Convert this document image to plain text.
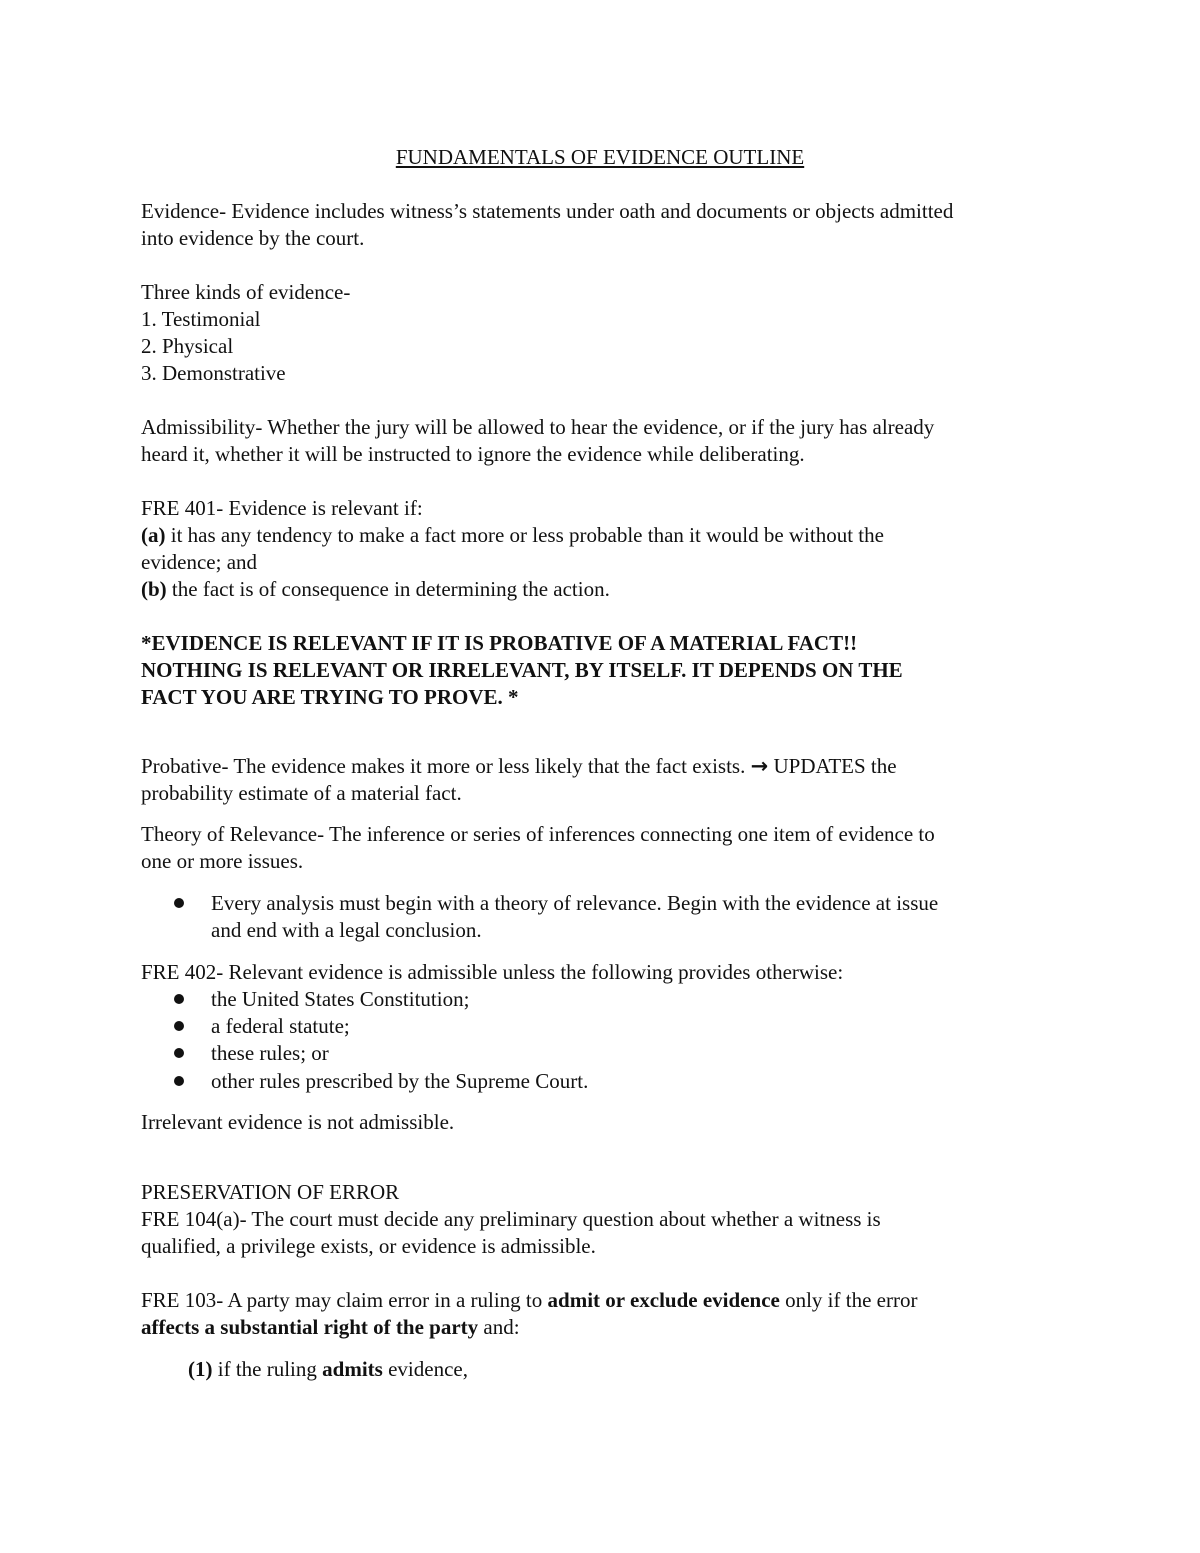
FUNDAMENTALS OF EVIDENCE OUTLINE
Evidence- Evidence includes witness’s statements under oath and documents or objects admitted
into evidence by the court.
Three kinds of evidence-
1. Testimonial
2. Physical
3. Demonstrative
Admissibility- Whether the jury will be allowed to hear the evidence, or if the jury has already
heard it, whether it will be instructed to ignore the evidence while deliberating.
FRE 401- Evidence is relevant if:
(a) it has any tendency to make a fact more or less probable than it would be without the
evidence; and
(b) the fact is of consequence in determining the action.
*EVIDENCE IS RELEVANT IF IT IS PROBATIVE OF A MATERIAL FACT!!
NOTHING IS RELEVANT OR IRRELEVANT, BY ITSELF. IT DEPENDS ON THE
FACT YOU ARE TRYING TO PROVE. *
Probative- The evidence makes it more or less likely that the fact exists. → UPDATES the
probability estimate of a material fact.
Theory of Relevance- The inference or series of inferences connecting one item of evidence to
one or more issues.
Every analysis must begin with a theory of relevance. Begin with the evidence at issue
and end with a legal conclusion.
FRE 402- Relevant evidence is admissible unless the following provides otherwise:
the United States Constitution;
a federal statute;
these rules; or
other rules prescribed by the Supreme Court.
Irrelevant evidence is not admissible.
PRESERVATION OF ERROR
FRE 104(a)- The court must decide any preliminary question about whether a witness is
qualified, a privilege exists, or evidence is admissible.
FRE 103- A party may claim error in a ruling to admit or exclude evidence only if the error
affects a substantial right of the party and:
(1) if the ruling admits evidence,
